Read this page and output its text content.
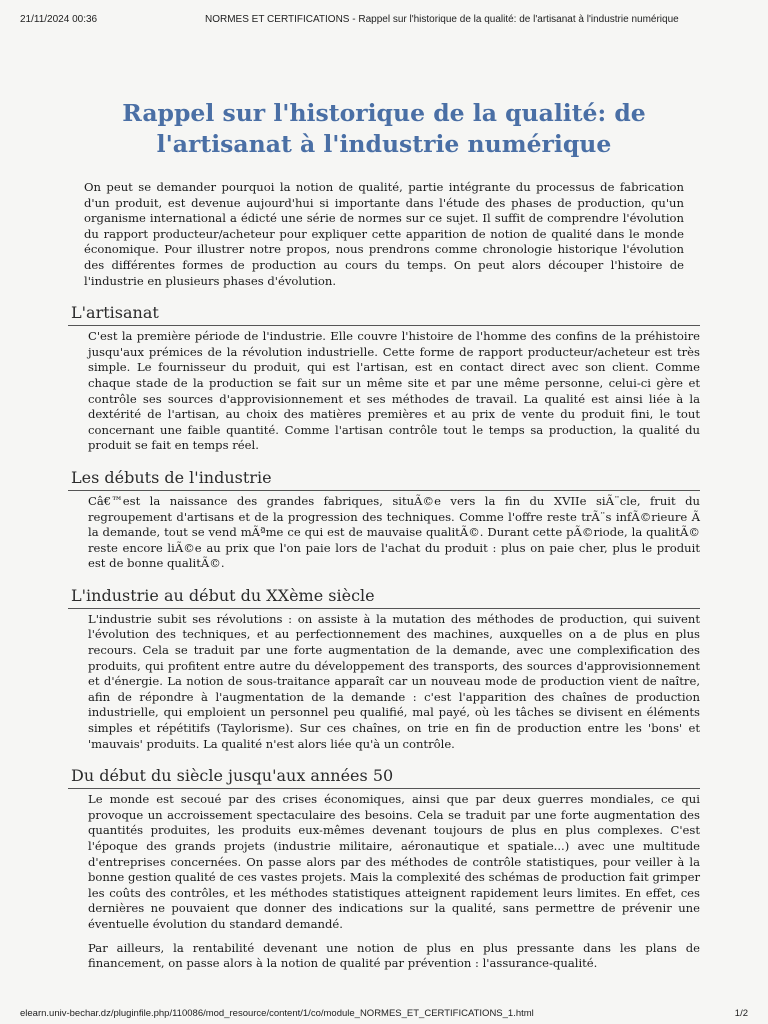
21/11/2024 00:36	NORMES ET CERTIFICATIONS - Rappel sur l'historique de la qualité: de l'artisanat à l'industrie numérique
Rappel sur l'historique de la qualité: de l'artisanat à l'industrie numérique

On peut se demander pourquoi la notion de qualité, partie intégrante du processus de fabrication d'un produit, est devenue aujourd'hui si importante dans l'étude des phases de production, qu'un organisme international a édicté une série de normes sur ce sujet. Il suffit de comprendre l'évolution du rapport producteur/acheteur pour expliquer cette apparition de notion de qualité dans le monde économique. Pour illustrer notre propos, nous prendrons comme chronologie historique l'évolution des différentes formes de production au cours du temps. On peut alors découper l'histoire de l'industrie en plusieurs phases d'évolution.

L'artisanat

C'est la première période de l'industrie. Elle couvre l'histoire de l'homme des confins de la préhistoire jusqu'aux prémices de la révolution industrielle. Cette forme de rapport producteur/acheteur est très simple. Le fournisseur du produit, qui est l'artisan, est en contact direct avec son client. Comme chaque stade de la production se fait sur un même site et par une même personne, celui-ci gère et contrôle ses sources d'approvisionnement et ses méthodes de travail. La qualité est ainsi liée à la dextérité de l'artisan, au choix des matières premières et au prix de vente du produit fini, le tout concernant une faible quantité. Comme l'artisan contrôle tout le temps sa production, la qualité du produit se fait en temps réel.

Les débuts de l'industrie

Câ€™est la naissance des grandes fabriques, situÃ©e vers la fin du XVIIe siÃ¨cle, fruit du regroupement d'artisans et de la progression des techniques. Comme l'offre reste trÃ¨s infÃ©rieure Ã la demande, tout se vend mÃªme ce qui est de mauvaise qualitÃ©. Durant cette pÃ©riode, la qualitÃ© reste encore liÃ©e au prix que l'on paie lors de l'achat du produit : plus on paie cher, plus le produit est de bonne qualitÃ©.

L'industrie au début du XXème siècle

L'industrie subit ses révolutions : on assiste à la mutation des méthodes de production, qui suivent l'évolution des techniques, et au perfectionnement des machines, auxquelles on a de plus en plus recours. Cela se traduit par une forte augmentation de la demande, avec une complexification des produits, qui profitent entre autre du développement des transports, des sources d'approvisionnement et d'énergie. La notion de sous-traitance apparaît car un nouveau mode de production vient de naître, afin de répondre à l'augmentation de la demande : c'est l'apparition des chaînes de production industrielle, qui emploient un personnel peu qualifié, mal payé, où les tâches se divisent en éléments simples et répétitifs (Taylorisme). Sur ces chaînes, on trie en fin de production entre les 'bons' et 'mauvais' produits. La qualité n'est alors liée qu'à un contrôle.

Du début du siècle jusqu'aux années 50

Le monde est secoué par des crises économiques, ainsi que par deux guerres mondiales, ce qui provoque un accroissement spectaculaire des besoins. Cela se traduit par une forte augmentation des quantités produites, les produits eux-mêmes devenant toujours de plus en plus complexes. C'est l'époque des grands projets (industrie militaire, aéronautique et spatiale...) avec une multitude d'entreprises concernées. On passe alors par des méthodes de contrôle statistiques, pour veiller à la bonne gestion qualité de ces vastes projets. Mais la complexité des schémas de production fait grimper les coûts des contrôles, et les méthodes statistiques atteignent rapidement leurs limites. En effet, ces dernières ne pouvaient que donner des indications sur la qualité, sans permettre de prévenir une éventuelle évolution du standard demandé.

Par ailleurs, la rentabilité devenant une notion de plus en plus pressante dans les plans de financement, on passe alors à la notion de qualité par prévention : l'assurance-qualité.

elearn.univ-bechar.dz/pluginfile.php/110086/mod_resource/content/1/co/module_NORMES_ET_CERTIFICATIONS_1.html	1/2
